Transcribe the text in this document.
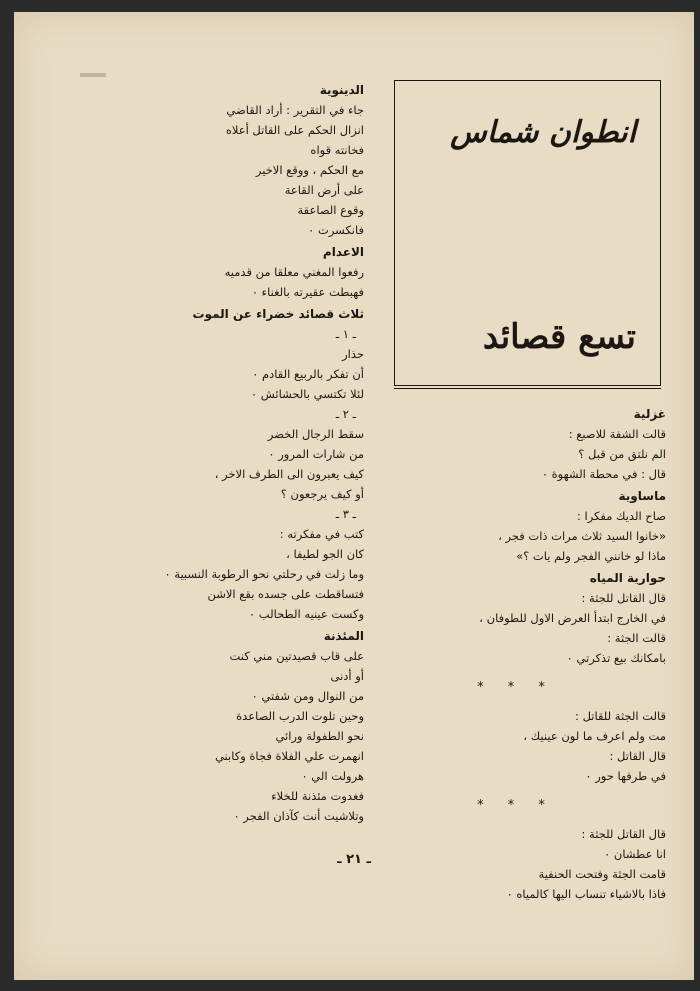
الدينوية
جاء في التقرير : أراد القاضي
انزال الحكم على القاتل أعلاه
فخانته قواه
مع الحكم ، ووقع الاخير
على أرض القاعة
وقوع الصاعقة
فانكسرت ٠
الاعدام
رفعوا المغني معلقا من قدميه
فهبطت عقيرته بالغناء ٠
ثلاث قصائد خضراء عن الموت
ـ ١ ـ
حذار
أن تفكر بالربيع القادم ٠
لئلا تكتسي بالحشائش ٠
ـ ٢ ـ
سقط الرجال الخضر
من شارات المرور ٠
كيف يعبرون الى الطرف الاخر ،
أو كيف يرجعون ؟
ـ ٣ ـ
كتب في مفكرته :
كان الجو لطيفا ،
وما زلت في رحلتي نحو الرطوبة النسبية ٠
فتساقطت على جسده بقع الاشن
وكست عينيه الطحالب ٠
المئذنة
على قاب قصيدتين مني كنت
أو أدنى
من النوال ومن شفتي ٠
وحين تلوت الدرب الصاعدة
نحو الطفولة ورائي
انهمرت علي الفلاة فجاة وكابني
هرولت الي ٠
فغدوت مئذنة للخلاء
وتلاشيت أنت كآذان الفجر ٠
انطوان شماس
تسع قصائد
غزلية
قالت الشفة للاصبع :
الم نلتق من قبل ؟
قال : في محطة الشهوة ٠
ماساوية
صاح الديك مفكرا :
«خانوا السيد ثلاث مرات ذات فجر ،
ماذا لو خانني الفجر ولم يات ؟»
حوارية المياه
قال القاتل للجثة :
في الخارج ابتدأ العرض الاول للطوفان ،
قالت الجثة :
بامكانك بيع تذكرتي ٠
* * *
قالت الجثة للقاتل :
مت ولم اعرف ما لون عينيك ،
قال القاتل :
في طرفها حور ٠
* * *
قال القاتل للجثة :
انا عطشان ٠
قامت الجثة وفتحت الحنفية
فاذا بالاشياء تنساب اليها كالمياه ٠
ـ ٢١ ـ
